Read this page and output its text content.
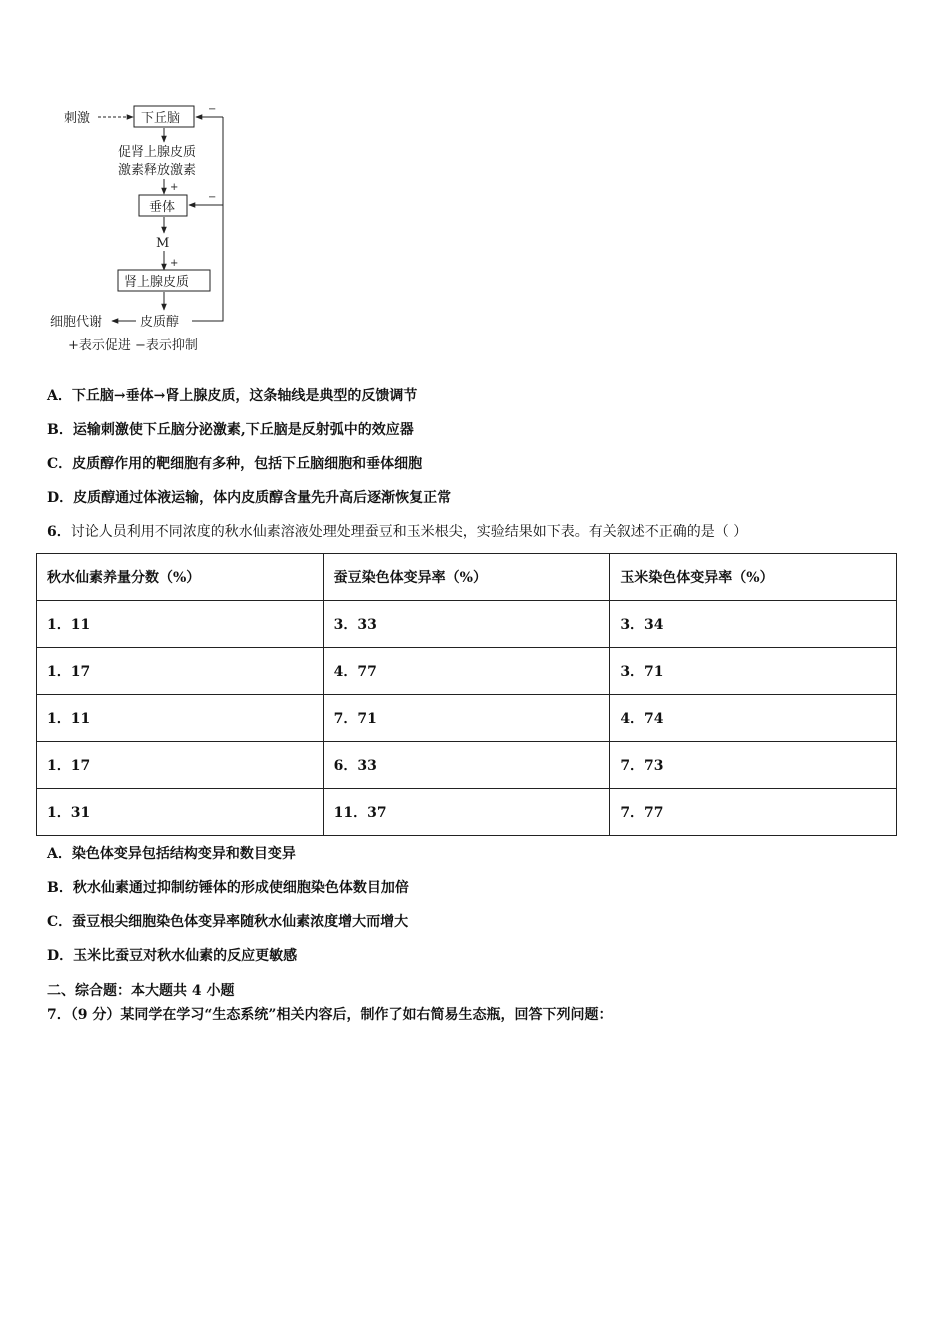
刺激	下丘脑
促肾上腺皮质
激素释放激素
+
垂体
M
+
肾上腺皮质
皮质醇
细胞代谢
−
−
+表示促进 −表示抑制
A．下丘脑→垂体→肾上腺皮质，这条轴线是典型的反馈调节
B．运输刺激使下丘脑分泌激素,下丘脑是反射弧中的效应器
C．皮质醇作用的靶细胞有多种，包括下丘脑细胞和垂体细胞
D．皮质醇通过体液运输，体内皮质醇含量先升高后逐渐恢复正常
6．讨论人员利用不同浓度的秋水仙素溶液处理处理蚕豆和玉米根尖，实验结果如下表。有关叙述不正确的是（ ）
秋水仙素养量分数（%）	蚕豆染色体变异率（%）	玉米染色体变异率（%）
1．11	3．33	3．34
1．17	4．77	3．71
1．11	7．71	4．74
1．17	6．33	7．73
1．31	11．37	7．77
A．染色体变异包括结构变异和数目变异
B．秋水仙素通过抑制纺锤体的形成使细胞染色体数目加倍
C．蚕豆根尖细胞染色体变异率随秋水仙素浓度增大而增大
D．玉米比蚕豆对秋水仙素的反应更敏感
二、综合题：本大题共 4 小题
7．（9 分）某同学在学习“生态系统”相关内容后，制作了如右简易生态瓶，回答下列问题：
